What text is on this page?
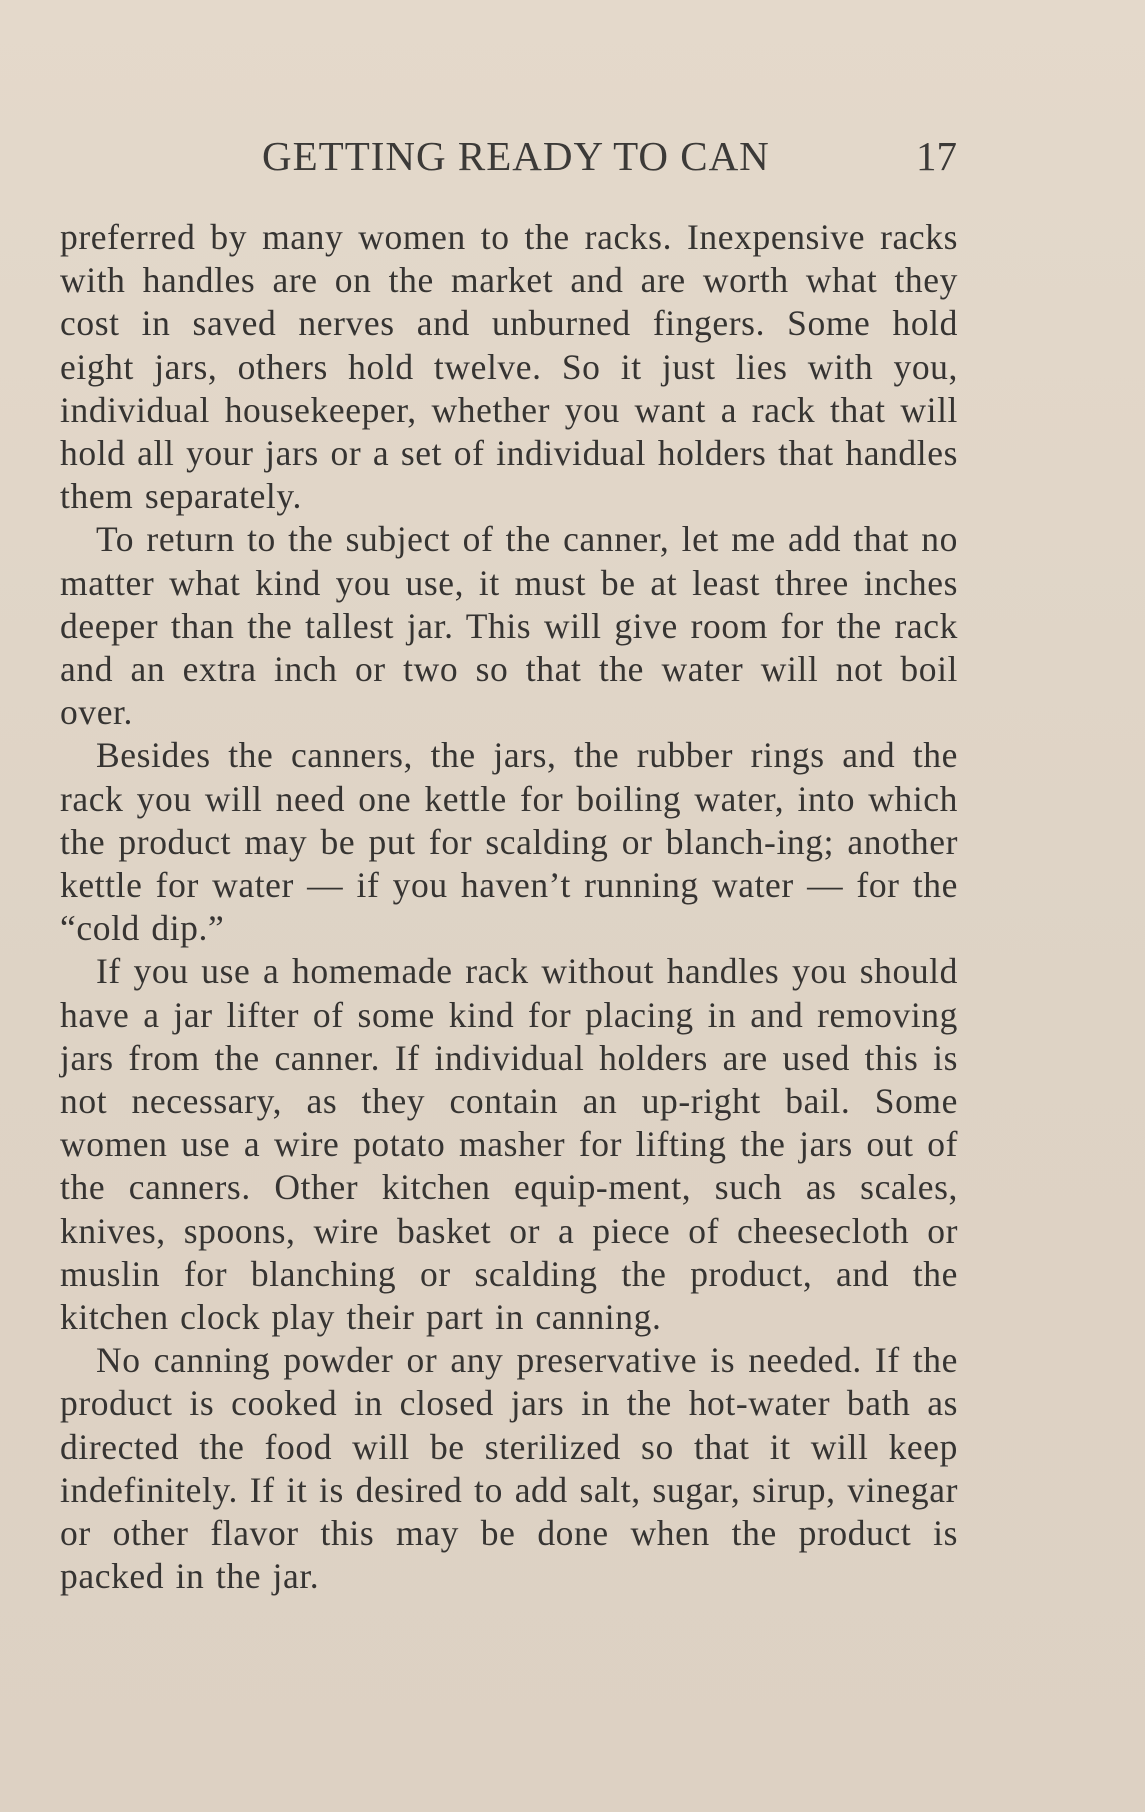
GETTING READY TO CAN	17

preferred by many women to the racks. Inexpensive racks with handles are on the market and are worth what they cost in saved nerves and unburned fingers. Some hold eight jars, others hold twelve. So it just lies with you, individual housekeeper, whether you want a rack that will hold all your jars or a set of individual holders that handles them separately.

To return to the subject of the canner, let me add that no matter what kind you use, it must be at least three inches deeper than the tallest jar. This will give room for the rack and an extra inch or two so that the water will not boil over.

Besides the canners, the jars, the rubber rings and the rack you will need one kettle for boiling water, into which the product may be put for scalding or blanch-ing; another kettle for water — if you haven’t running water — for the “cold dip.”

If you use a homemade rack without handles you should have a jar lifter of some kind for placing in and removing jars from the canner. If individual holders are used this is not necessary, as they contain an up-right bail. Some women use a wire potato masher for lifting the jars out of the canners. Other kitchen equip-ment, such as scales, knives, spoons, wire basket or a piece of cheesecloth or muslin for blanching or scalding the product, and the kitchen clock play their part in canning.

No canning powder or any preservative is needed. If the product is cooked in closed jars in the hot-water bath as directed the food will be sterilized so that it will keep indefinitely. If it is desired to add salt, sugar, sirup, vinegar or other flavor this may be done when the product is packed in the jar.
